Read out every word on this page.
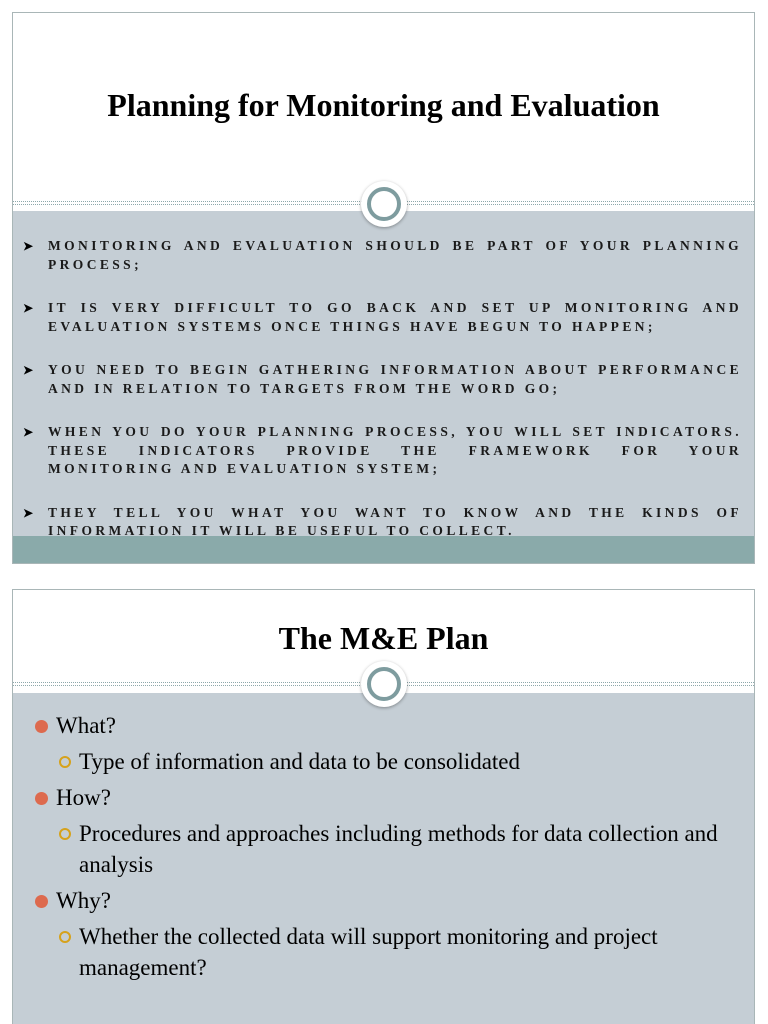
Planning for Monitoring and Evaluation
➤ MONITORING AND EVALUATION SHOULD BE PART OF YOUR PLANNING PROCESS;
➤ IT IS VERY DIFFICULT TO GO BACK AND SET UP MONITORING AND EVALUATION SYSTEMS ONCE THINGS HAVE BEGUN TO HAPPEN;
➤ YOU NEED TO BEGIN GATHERING INFORMATION ABOUT PERFORMANCE AND IN RELATION TO TARGETS FROM THE WORD GO;
➤ WHEN YOU DO YOUR PLANNING PROCESS, YOU WILL SET INDICATORS. THESE INDICATORS PROVIDE THE FRAMEWORK FOR YOUR MONITORING AND EVALUATION SYSTEM;
➤ THEY TELL YOU WHAT YOU WANT TO KNOW AND THE KINDS OF INFORMATION IT WILL BE USEFUL TO COLLECT.
The M&E Plan
What?
Type of information and data to be consolidated
How?
Procedures and approaches including methods for data collection and analysis
Why?
Whether the collected data will support monitoring and project management?
